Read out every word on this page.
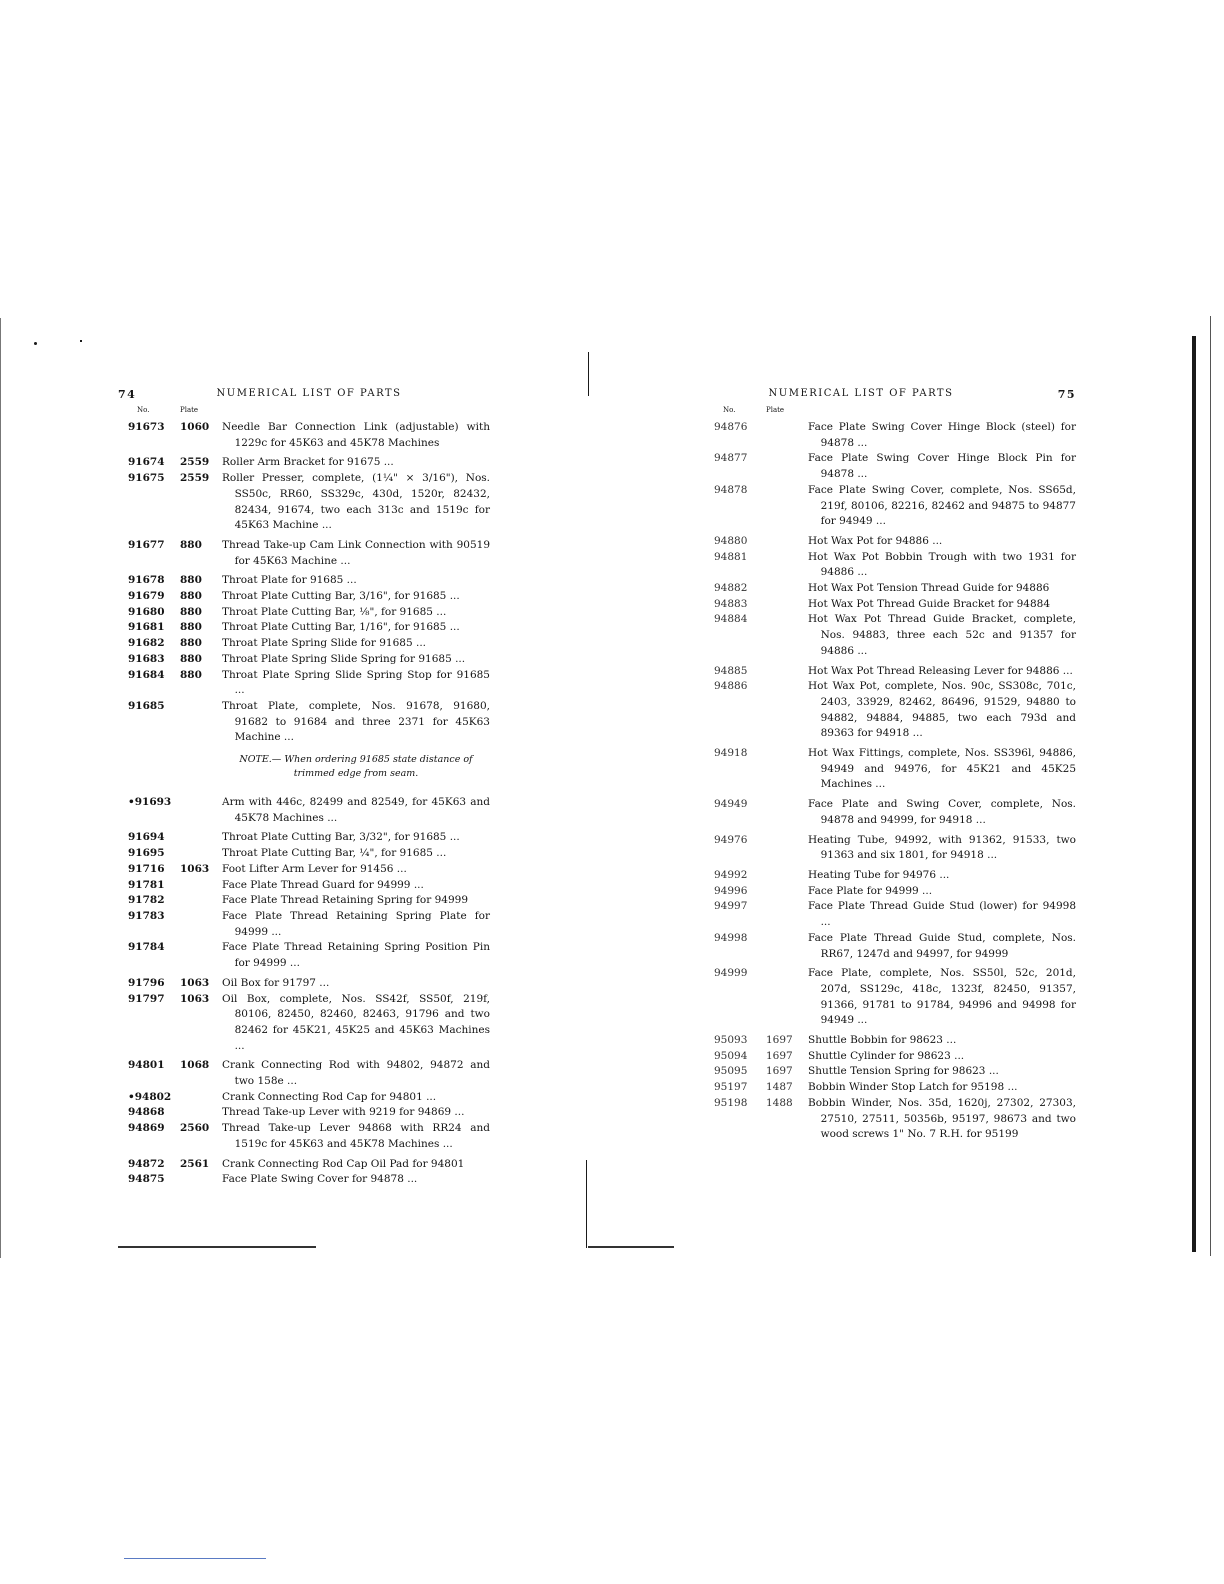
74	NUMERICAL LIST OF PARTS
No.	Plate
91673	1060	Needle Bar Connection Link (adjustable) with 1229c for 45K63 and 45K78 Machines
91674	2559	Roller Arm Bracket for 91675 ...
91675	2559	Roller Presser, complete, (1¼" × 3/16"), Nos. SS50c, RR60, SS329c, 430d, 1520r, 82432, 82434, 91674, two each 313c and 1519c for 45K63 Machine ...
91677	880	Thread Take-up Cam Link Connection with 90519 for 45K63 Machine ...
91678	880	Throat Plate for 91685 ...
91679	880	Throat Plate Cutting Bar, 3/16", for 91685 ...
91680	880	Throat Plate Cutting Bar, ⅛", for 91685 ...
91681	880	Throat Plate Cutting Bar, 1/16", for 91685 ...
91682	880	Throat Plate Spring Slide for 91685 ...
91683	880	Throat Plate Spring Slide Spring for 91685 ...
91684	880	Throat Plate Spring Slide Spring Stop for 91685 ...
91685	Throat Plate, complete, Nos. 91678, 91680, 91682 to 91684 and three 2371 for 45K63 Machine ...
NOTE.— When ordering 91685 state distance of trimmed edge from seam.
•91693	Arm with 446c, 82499 and 82549, for 45K63 and 45K78 Machines ...
91694	Throat Plate Cutting Bar, 3/32", for 91685 ...
91695	Throat Plate Cutting Bar, ¼", for 91685 ...
91716	1063	Foot Lifter Arm Lever for 91456 ...
91781	Face Plate Thread Guard for 94999 ...
91782	Face Plate Thread Retaining Spring for 94999
91783	Face Plate Thread Retaining Spring Plate for 94999 ...
91784	Face Plate Thread Retaining Spring Position Pin for 94999 ...
91796	1063	Oil Box for 91797 ...
91797	1063	Oil Box, complete, Nos. SS42f, SS50f, 219f, 80106, 82450, 82460, 82463, 91796 and two 82462 for 45K21, 45K25 and 45K63 Machines ...
94801	1068	Crank Connecting Rod with 94802, 94872 and two 158e ...
•94802	Crank Connecting Rod Cap for 94801 ...
94868	Thread Take-up Lever with 9219 for 94869 ...
94869	2560	Thread Take-up Lever 94868 with RR24 and 1519c for 45K63 and 45K78 Machines ...
94872	2561	Crank Connecting Rod Cap Oil Pad for 94801
94875	Face Plate Swing Cover for 94878 ...
NUMERICAL LIST OF PARTS	75
No.	Plate
94876	Face Plate Swing Cover Hinge Block (steel) for 94878 ...
94877	Face Plate Swing Cover Hinge Block Pin for 94878 ...
94878	Face Plate Swing Cover, complete, Nos. SS65d, 219f, 80106, 82216, 82462 and 94875 to 94877 for 94949 ...
94880	Hot Wax Pot for 94886 ...
94881	Hot Wax Pot Bobbin Trough with two 1931 for 94886 ...
94882	Hot Wax Pot Tension Thread Guide for 94886
94883	Hot Wax Pot Thread Guide Bracket for 94884
94884	Hot Wax Pot Thread Guide Bracket, complete, Nos. 94883, three each 52c and 91357 for 94886 ...
94885	Hot Wax Pot Thread Releasing Lever for 94886 ...
94886	Hot Wax Pot, complete, Nos. 90c, SS308c, 701c, 2403, 33929, 82462, 86496, 91529, 94880 to 94882, 94884, 94885, two each 793d and 89363 for 94918 ...
94918	Hot Wax Fittings, complete, Nos. SS396l, 94886, 94949 and 94976, for 45K21 and 45K25 Machines ...
94949	Face Plate and Swing Cover, complete, Nos. 94878 and 94999, for 94918 ...
94976	Heating Tube, 94992, with 91362, 91533, two 91363 and six 1801, for 94918 ...
94992	Heating Tube for 94976 ...
94996	Face Plate for 94999 ...
94997	Face Plate Thread Guide Stud (lower) for 94998 ...
94998	Face Plate Thread Guide Stud, complete, Nos. RR67, 1247d and 94997, for 94999
94999	Face Plate, complete, Nos. SS50l, 52c, 201d, 207d, SS129c, 418c, 1323f, 82450, 91357, 91366, 91781 to 91784, 94996 and 94998 for 94949 ...
95093	1697	Shuttle Bobbin for 98623 ...
95094	1697	Shuttle Cylinder for 98623 ...
95095	1697	Shuttle Tension Spring for 98623 ...
95197	1487	Bobbin Winder Stop Latch for 95198 ...
95198	1488	Bobbin Winder, Nos. 35d, 1620j, 27302, 27303, 27510, 27511, 50356b, 95197, 98673 and two wood screws 1" No. 7 R.H. for 95199
